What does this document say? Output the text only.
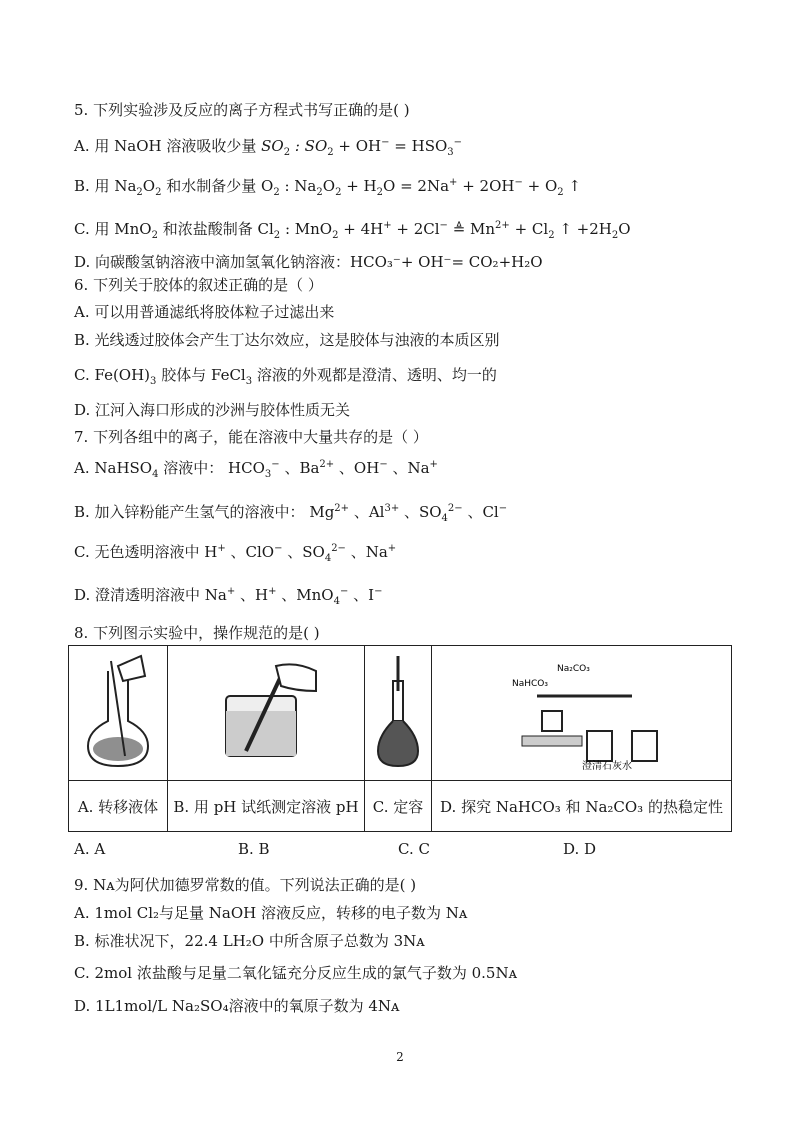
5. 下列实验涉及反应的离子方程式书写正确的是( )
A. 用 NaOH 溶液吸收少量 $SO_2$ : $SO_2 + OH^- = HSO_3^-$
B. 用 $Na_2O_2$ 和水制备少量 $O_2$ : $Na_2O_2 + H_2O = 2Na^+ + 2OH^- + O_2$ ↑
C. 用 MnO$_2$ 和浓盐酸制备 $Cl_2$ : MnO$_2$ + 4H+ + 2Cl− ≜ $Mn^{2+} + Cl_2$ ↑ $+2H_2O$
D. 向碳酸氢钠溶液中滴加氢氧化钠溶液：HCO₃⁻+ OH⁻= CO₂+H₂O
6. 下列关于胶体的叙述正确的是（ ）
A. 可以用普通滤纸将胶体粒子过滤出来
B. 光线透过胶体会产生丁达尔效应，这是胶体与浊液的本质区别
C. $Fe(OH)_3$ 胶体与 FeCl$_3$ 溶液的外观都是澄清、透明、均一的
D. 江河入海口形成的沙洲与胶体性质无关
7. 下列各组中的离子，能在溶液中大量共存的是（ ）
A. NaHSO$_4$ 溶液中： $HCO_3^-$ 、$Ba^{2+}$ 、OH− 、Na+
B. 加入锌粉能产生氢气的溶液中： $Mg^{2+}$ 、$Al^{3+}$ 、$SO_4^{2-}$ 、Cl−
C. 无色透明溶液中 H+ 、ClO− 、$SO_4^{2-}$ 、Na+
D. 澄清透明溶液中 Na+ 、H+ 、MnO$_4$− 、I−
8. 下列图示实验中，操作规范的是( )

NaHCO₃
Na₂CO₃
澄清石灰水

A. 转移液体	B. 用 pH 试纸测定溶液 pH	C. 定容	D. 探究 NaHCO₃ 和 Na₂CO₃ 的热稳定性
A. A	B. B	C. C	D. D
9. Nᴀ为阿伏加德罗常数的值。下列说法正确的是( )
A. 1mol Cl₂与足量 NaOH 溶液反应，转移的电子数为 Nᴀ
B. 标准状况下，22.4 LH₂O 中所含原子总数为 3Nᴀ
C. 2mol 浓盐酸与足量二氧化锰充分反应生成的氯气子数为 0.5Nᴀ
D. 1L1mol/L Na₂SO₄溶液中的氧原子数为 4Nᴀ
2
